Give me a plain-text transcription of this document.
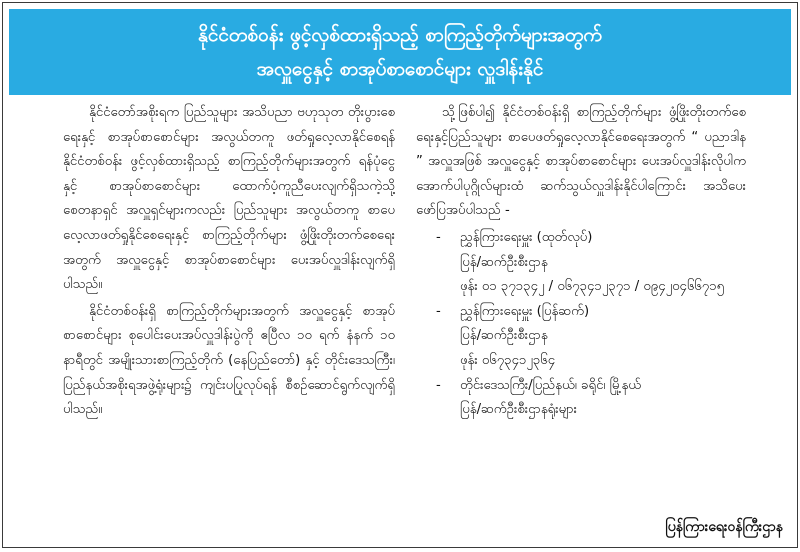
နိုင်ငံတစ်ဝန်း ဖွင့်လှစ်ထားရှိသည့် စာကြည့်တိုက်များအတွက်
အလှူငွေနှင့် စာအုပ်စာစောင်များ လှူဒါန်းနိုင်

နိုင်ငံတော်အစိုးရက ပြည်သူများ အသိပညာ ဗဟုသုတ တိုးပွားစေရေးနှင့် စာအုပ်စာစောင်များ အလွယ်တကူ ဖတ်ရှုလေ့လာနိုင်စေရန် နိုင်ငံတစ်ဝန်း ဖွင့်လှစ်ထားရှိသည့် စာကြည့်တိုက်များအတွက် ရန်ပုံငွေနှင့် စာအုပ်စာစောင်များ ထောက်ပံ့ကူညီပေးလျက်ရှိသကဲ့သို့ စေတနာရှင် အလှူရှင်များကလည်း ပြည်သူများ အလွယ်တကူ စာပေလေ့လာဖတ်ရှုနိုင်စေရေးနှင့် စာကြည့်တိုက်များ ဖွံ့ဖြိုးတိုးတက်စေရေးအတွက် အလှူငွေနှင့် စာအုပ်စာစောင်များ ပေးအပ်လှူဒါန်းလျက်ရှိပါသည်။

နိုင်ငံတစ်ဝန်းရှိ စာကြည့်တိုက်များအတွက် အလှူငွေနှင့် စာအုပ်စာစောင်များ စုပေါင်းပေးအပ်လှူဒါန်းပွဲကို ဧပြီလ ၁၀ ရက် နံနက် ၁၀ နာရီတွင် အမျိုးသားစာကြည့်တိုက် (နေပြည်တော်) နှင့် တိုင်းဒေသကြီး၊ ပြည်နယ်အစိုးရအဖွဲ့ရုံးများ၌ ကျင်းပပြုလုပ်ရန် စီစဉ်ဆောင်ရွက်လျက်ရှိပါသည်။

သို့ဖြစ်ပါ၍ နိုင်ငံတစ်ဝန်းရှိ စာကြည့်တိုက်များ ဖွံ့ဖြိုးတိုးတက်စေရေးနှင့်ပြည်သူများ စာပေဖတ်ရှုလေ့လာနိုင်စေရေးအတွက် “ ပညာဒါန ” အလှူအဖြစ် အလှူငွေနှင့် စာအုပ်စာစောင်များ ပေးအပ်လှူဒါန်းလိုပါက အောက်ပါပုဂ္ဂိုလ်များထံ ဆက်သွယ်လှူဒါန်းနိုင်ပါကြောင်း အသိပေးဖော်ပြအပ်ပါသည် -

- ညွှန်ကြားရေးမှူး (ထုတ်လုပ်)
ပြန်/ဆက်ဦးစီးဌာန
ဖုန်း ၀၁ ၃၇၁၃၄၂ / ၀၆၇၃၄၁၂၃၇၁ / ၀၉၄၂၀၄၆၆၇၁၅
- ညွှန်ကြားရေးမှူး (ပြန်ဆက်)
ပြန်/ဆက်ဦးစီးဌာန
ဖုန်း ၀၆၇၃၄၁၂၃၆၄
- တိုင်းဒေသကြီး/ပြည်နယ်၊ ခရိုင်၊ မြို့နယ်
ပြန်/ဆက်ဦးစီးဌာနရုံးများ
ပြန်ကြားရေးဝန်ကြီးဌာန
